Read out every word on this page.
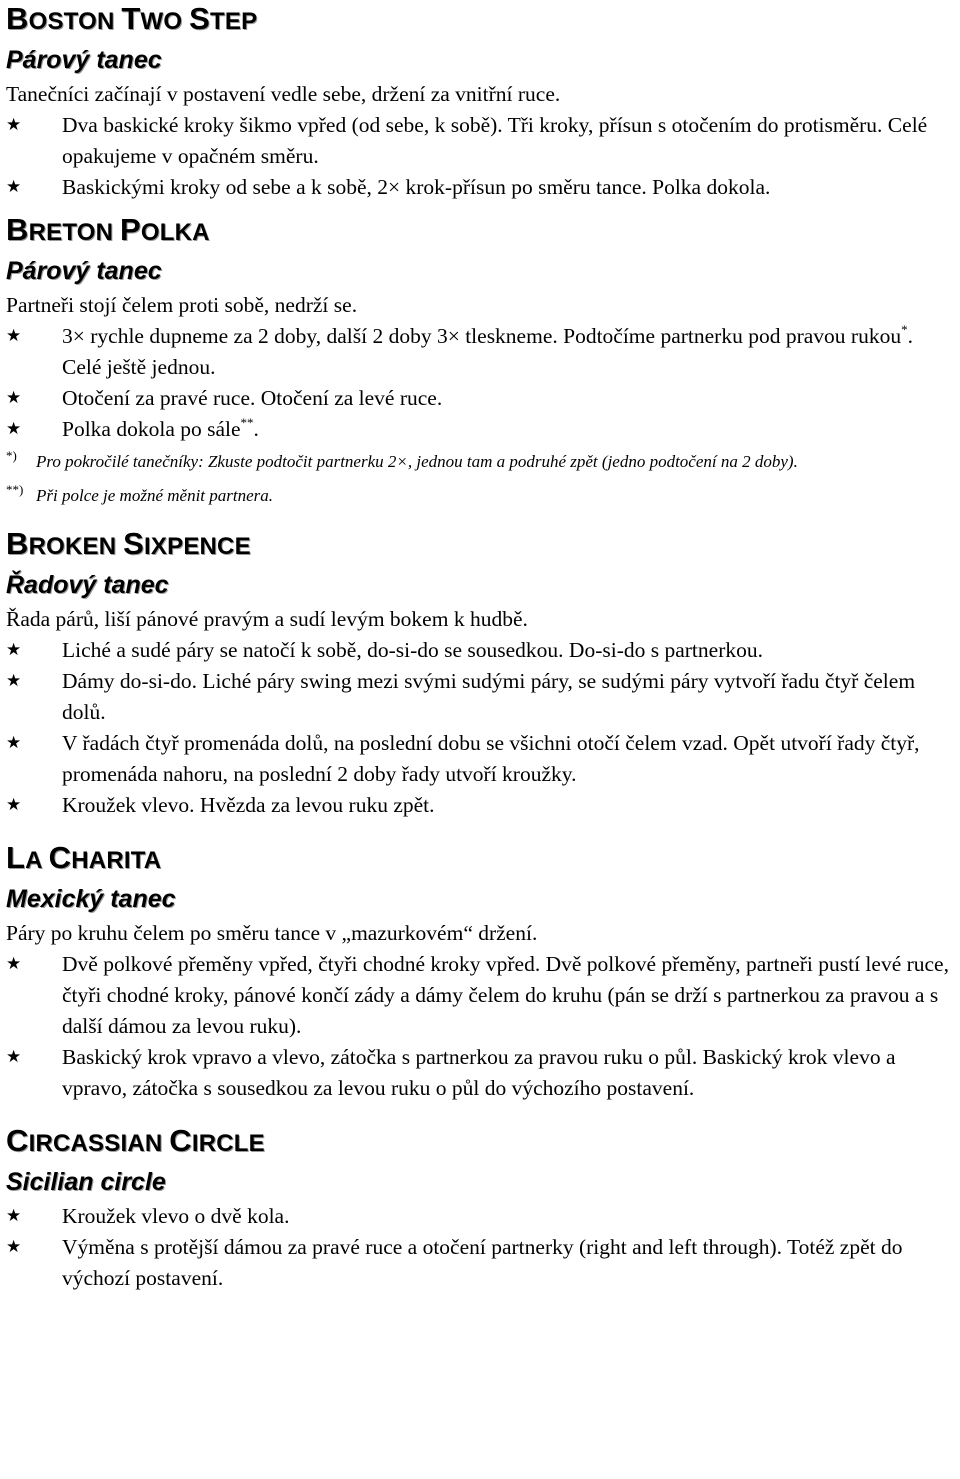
BOSTON TWO STEP
Párový tanec

Tanečníci začínají v postavení vedle sebe, držení za vnitřní ruce.

★ Dva baskické kroky šikmo vpřed (od sebe, k sobě). Tři kroky, přísun s otočením do protisměru. Celé opakujeme v opačném směru.
★ Baskickými kroky od sebe a k sobě, 2× krok-přísun po směru tance. Polka dokola.
BRETON POLKA
Párový tanec

Partneři stojí čelem proti sobě, nedrží se.

★ 3× rychle dupneme za 2 doby, další 2 doby 3× tleskneme. Podtočíme partnerku pod pravou rukou*. Celé ještě jednou.
★ Otočení za pravé ruce. Otočení za levé ruce.
★ Polka dokola po sále**.
*) Pro pokročilé tanečníky: Zkuste podtočit partnerku 2×, jednou tam a podruhé zpět (jedno podtočení na 2 doby).
**) Při polce je možné měnit partnera.
BROKEN SIXPENCE
Řadový tanec

Řada párů, liší pánové pravým a sudí levým bokem k hudbě.

★ Liché a sudé páry se natočí k sobě, do-si-do se sousedkou. Do-si-do s partnerkou.
★ Dámy do-si-do. Liché páry swing mezi svými sudými páry, se sudými páry vytvoří řadu čtyř čelem dolů.
★ V řadách čtyř promenáda dolů, na poslední dobu se všichni otočí čelem vzad. Opět utvoří řady čtyř, promenáda nahoru, na poslední 2 doby řady utvoří kroužky.
★ Kroužek vlevo. Hvězda za levou ruku zpět.
LA CHARITA
Mexický tanec

Páry po kruhu čelem po směru tance v „mazurkovém“ držení.

★ Dvě polkové přeměny vpřed, čtyři chodné kroky vpřed. Dvě polkové přeměny, partneři pustí levé ruce, čtyři chodné kroky, pánové končí zády a dámy čelem do kruhu (pán se drží s partnerkou za pravou a s další dámou za levou ruku).
★ Baskický krok vpravo a vlevo, zátočka s partnerkou za pravou ruku o půl. Baskický krok vlevo a vpravo, zátočka s sousedkou za levou ruku o půl do výchozího postavení.
CIRCASSIAN CIRCLE
Sicilian circle
★ Kroužek vlevo o dvě kola.
★ Výměna s protější dámou za pravé ruce a otočení partnerky (right and left through). Totéž zpět do výchozí postavení.
